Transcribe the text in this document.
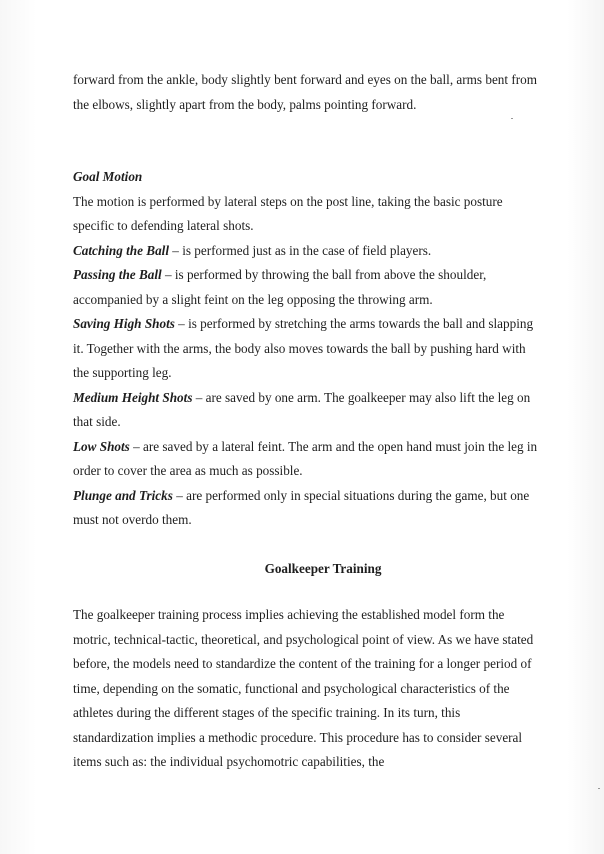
forward from the ankle, body slightly bent forward and eyes on the ball, arms bent from the elbows, slightly apart from the body, palms pointing forward.

Goal Motion

The motion is performed by lateral steps on the post line, taking the basic posture specific to defending lateral shots.

Catching the Ball – is performed just as in the case of field players.

Passing the Ball – is performed by throwing the ball from above the shoulder, accompanied by a slight feint on the leg opposing the throwing arm.

Saving High Shots – is performed by stretching the arms towards the ball and slapping it. Together with the arms, the body also moves towards the ball by pushing hard with the supporting leg.

Medium Height Shots – are saved by one arm. The goalkeeper may also lift the leg on that side.

Low Shots – are saved by a lateral feint. The arm and the open hand must join the leg in order to cover the area as much as possible.

Plunge and Tricks – are performed only in special situations during the game, but one must not overdo them.

Goalkeeper Training

The goalkeeper training process implies achieving the established model form the motric, technical-tactic, theoretical, and psychological point of view. As we have stated before, the models need to standardize the content of the training for a longer period of time, depending on the somatic, functional and psychological characteristics of the athletes during the different stages of the specific training. In its turn, this standardization implies a methodic procedure. This procedure has to consider several items such as: the individual psychomotric capabilities, the
